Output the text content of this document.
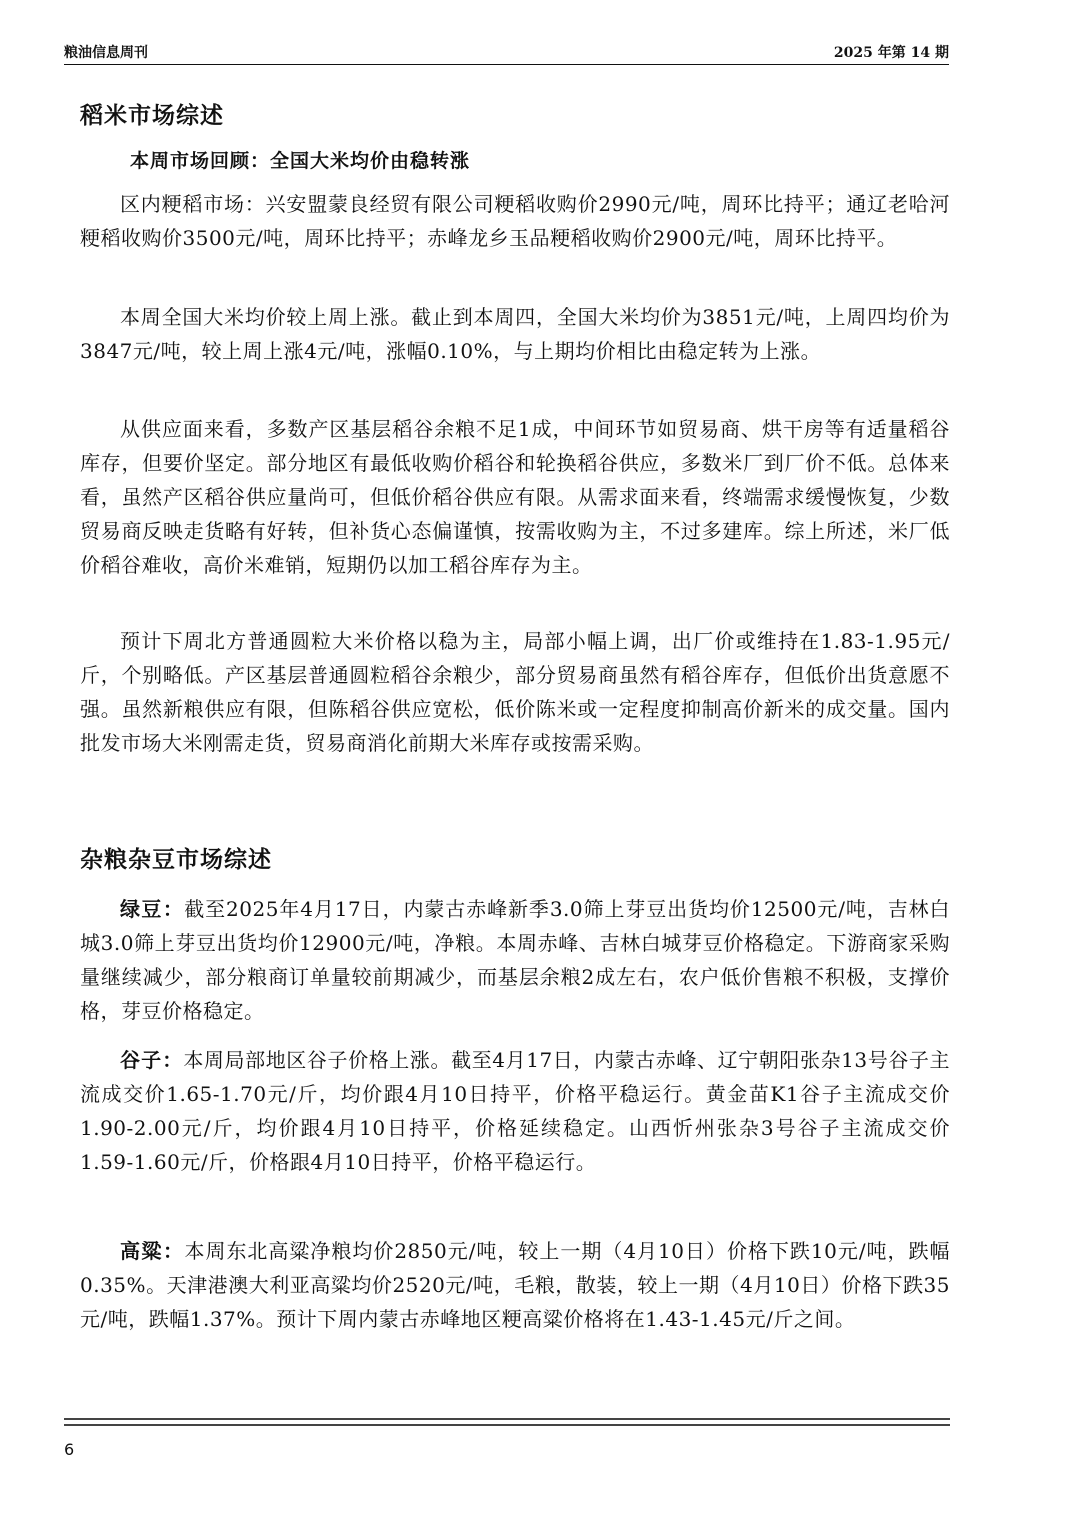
粮油信息周刊	2025 年第 14 期
稻米市场综述
本周市场回顾：全国大米均价由稳转涨

区内粳稻市场：兴安盟蒙良经贸有限公司粳稻收购价2990元/吨，周环比持平；通辽老哈河粳稻收购价3500元/吨，周环比持平；赤峰龙乡玉品粳稻收购价2900元/吨，周环比持平。

本周全国大米均价较上周上涨。截止到本周四，全国大米均价为3851元/吨，上周四均价为3847元/吨，较上周上涨4元/吨，涨幅0.10%，与上期均价相比由稳定转为上涨。

从供应面来看，多数产区基层稻谷余粮不足1成，中间环节如贸易商、烘干房等有适量稻谷库存，但要价坚定。部分地区有最低收购价稻谷和轮换稻谷供应，多数米厂到厂价不低。总体来看，虽然产区稻谷供应量尚可，但低价稻谷供应有限。从需求面来看，终端需求缓慢恢复，少数贸易商反映走货略有好转，但补货心态偏谨慎，按需收购为主，不过多建库。综上所述，米厂低价稻谷难收，高价米难销，短期仍以加工稻谷库存为主。

预计下周北方普通圆粒大米价格以稳为主，局部小幅上调，出厂价或维持在1.83-1.95元/斤，个别略低。产区基层普通圆粒稻谷余粮少，部分贸易商虽然有稻谷库存，但低价出货意愿不强。虽然新粮供应有限，但陈稻谷供应宽松，低价陈米或一定程度抑制高价新米的成交量。国内批发市场大米刚需走货，贸易商消化前期大米库存或按需采购。

杂粮杂豆市场综述

绿豆：截至2025年4月17日，内蒙古赤峰新季3.0筛上芽豆出货均价12500元/吨，吉林白城3.0筛上芽豆出货均价12900元/吨，净粮。本周赤峰、吉林白城芽豆价格稳定。下游商家采购量继续减少，部分粮商订单量较前期减少，而基层余粮2成左右，农户低价售粮不积极，支撑价格，芽豆价格稳定。

谷子：本周局部地区谷子价格上涨。截至4月17日，内蒙古赤峰、辽宁朝阳张杂13号谷子主流成交价1.65-1.70元/斤，均价跟4月10日持平，价格平稳运行。黄金苗K1谷子主流成交价1.90-2.00元/斤，均价跟4月10日持平，价格延续稳定。山西忻州张杂3号谷子主流成交价1.59-1.60元/斤，价格跟4月10日持平，价格平稳运行。

高粱：本周东北高粱净粮均价2850元/吨，较上一期（4月10日）价格下跌10元/吨，跌幅0.35%。天津港澳大利亚高粱均价2520元/吨，毛粮，散装，较上一期（4月10日）价格下跌35元/吨，跌幅1.37%。预计下周内蒙古赤峰地区粳高粱价格将在1.43-1.45元/斤之间。

6
